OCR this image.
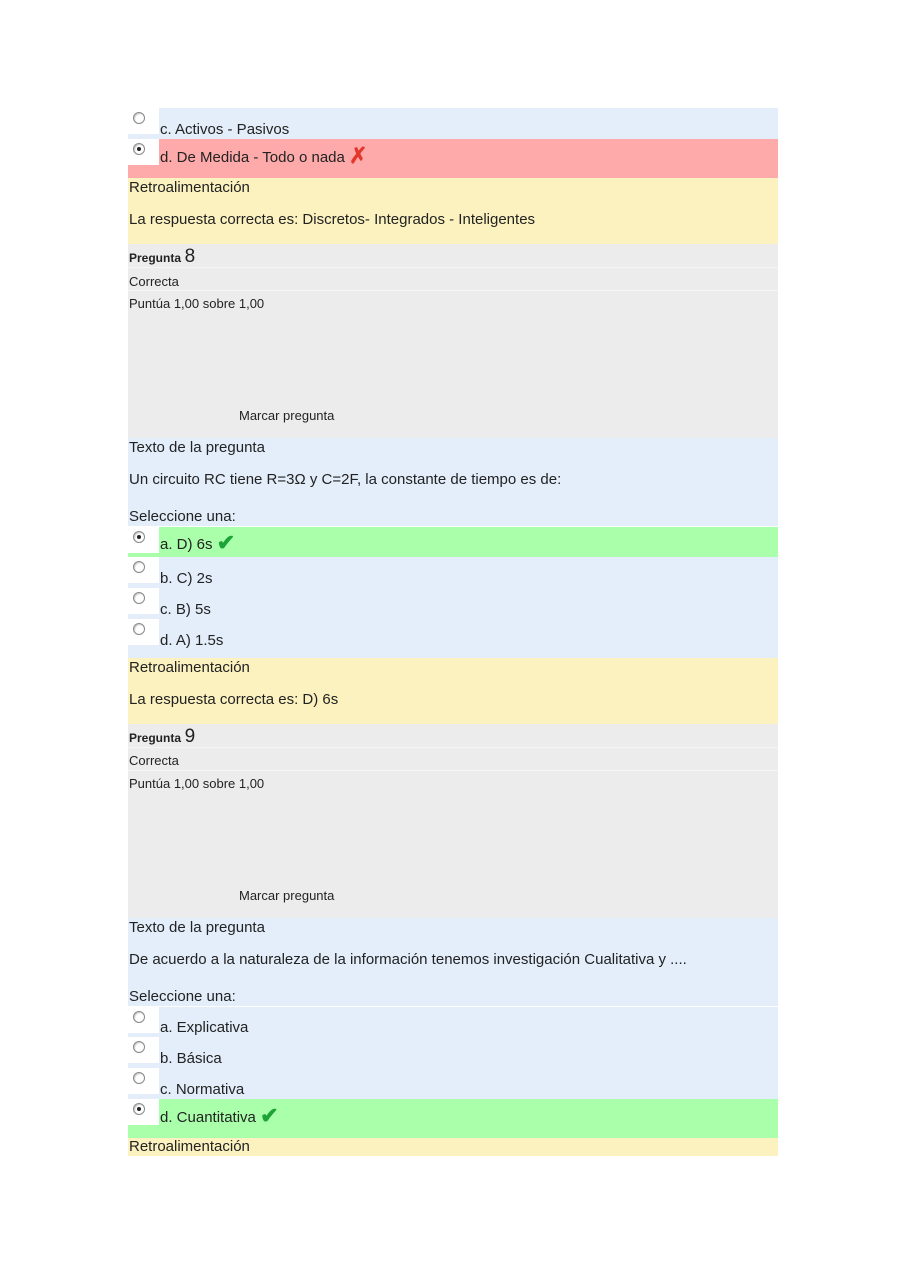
c. Activos - Pasivos
d. De Medida - Todo o nada ✗
Retroalimentación
La respuesta correcta es: Discretos- Integrados - Inteligentes
Pregunta 8
Correcta
Puntúa 1,00 sobre 1,00
Marcar pregunta
Texto de la pregunta
Un circuito RC tiene R=3Ω y C=2F, la constante de tiempo es de:
Seleccione una:
a. D) 6s ✔
b. C) 2s
c. B) 5s
d. A) 1.5s
Retroalimentación
La respuesta correcta es: D) 6s
Pregunta 9
Correcta
Puntúa 1,00 sobre 1,00
Marcar pregunta
Texto de la pregunta
De acuerdo a la naturaleza de la información tenemos investigación Cualitativa y ....
Seleccione una:
a. Explicativa
b. Básica
c. Normativa
d. Cuantitativa ✔
Retroalimentación
